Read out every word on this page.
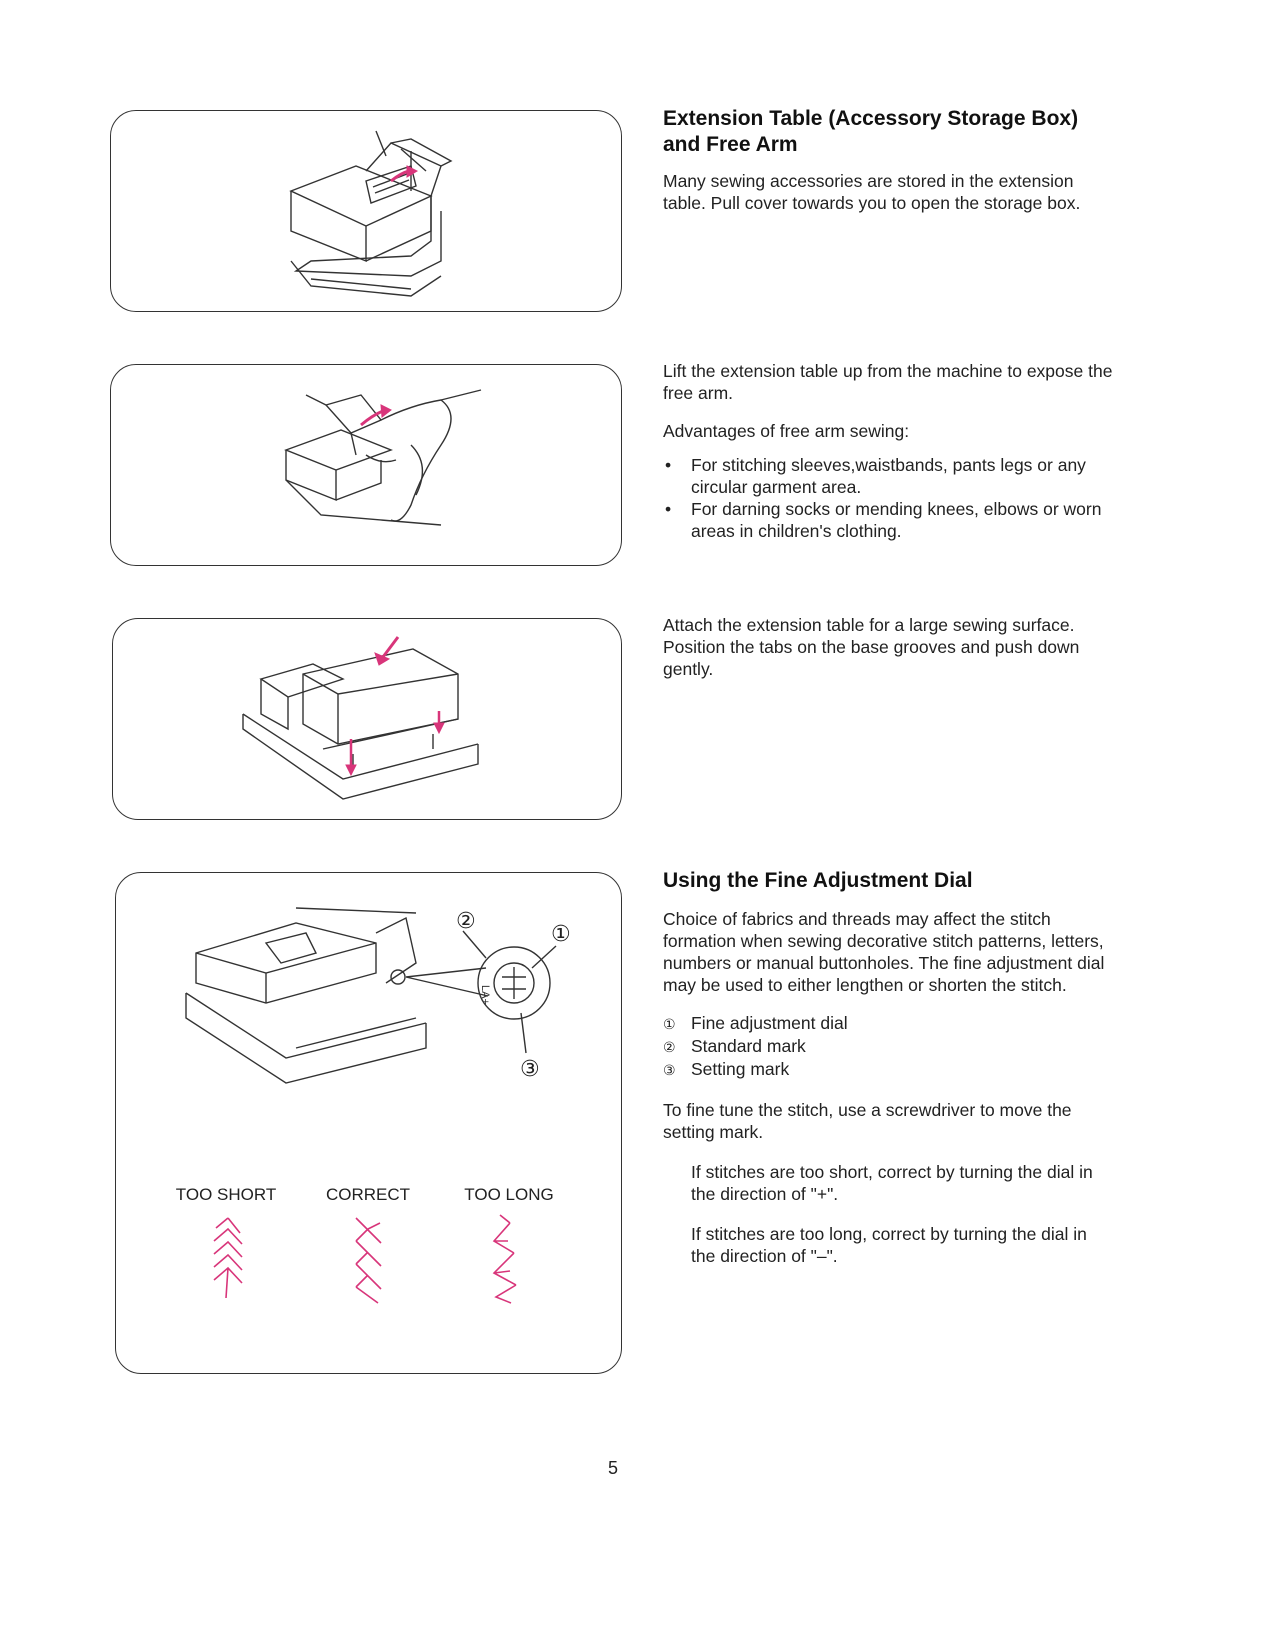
Extension Table (Accessory Storage Box)
and Free Arm

Many sewing accessories are stored in the extension table. Pull cover towards you to open the storage box.

Lift the extension table up from the machine to expose the free arm.

Advantages of free arm sewing:

• For stitching sleeves,waistbands, pants legs or any circular garment area.
• For darning socks or mending knees, elbows or worn areas in children's clothing.

Attach the extension table for a large sewing surface. Position the tabs on the base grooves and push down gently.

LA+
②
①
③
TOO SHORT	CORRECT	TOO LONG
Using the Fine Adjustment Dial

Choice of fabrics and threads may affect the stitch formation when sewing decorative stitch patterns, letters, numbers or manual buttonholes. The fine adjustment dial may be used to either lengthen or shorten the stitch.

① Fine adjustment dial
② Standard mark
③ Setting mark

To fine tune the stitch, use a screwdriver to move the setting mark.

If stitches are too short, correct by turning the dial in the direction of "+".

If stitches are too long, correct by turning the dial in the direction of "–".

5
